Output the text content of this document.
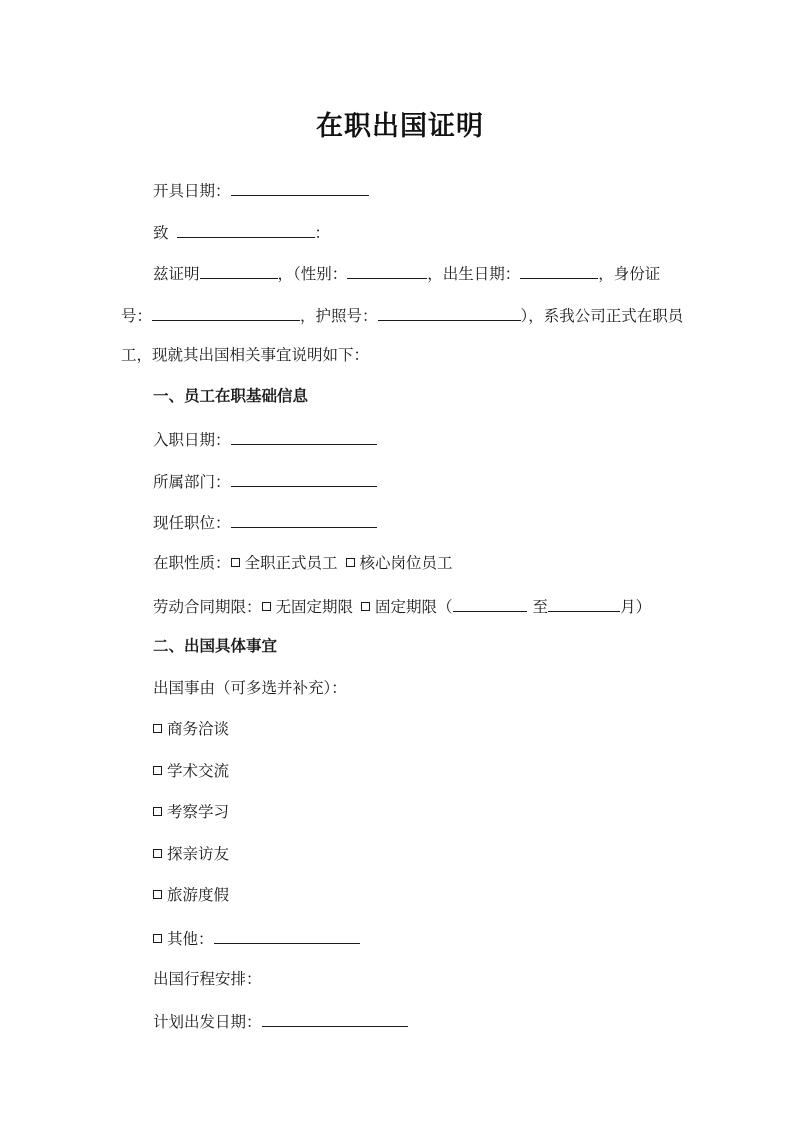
在职出国证明
开具日期：
致	：
兹证明	，（性别：	，出生日期：	，身份证
号：	，护照号：	），系我公司正式在职员
工，现就其出国相关事宜说明如下：
一、员工在职基础信息
入职日期：
所属部门：
现任职位：
在职性质： 全职正式员工 核心岗位员工
劳动合同期限： 无固定期限 固定期限（	至	月）
二、出国具体事宜
出国事由（可多选并补充）：
商务洽谈
学术交流
考察学习
探亲访友
旅游度假
其他：
出国行程安排：
计划出发日期：
